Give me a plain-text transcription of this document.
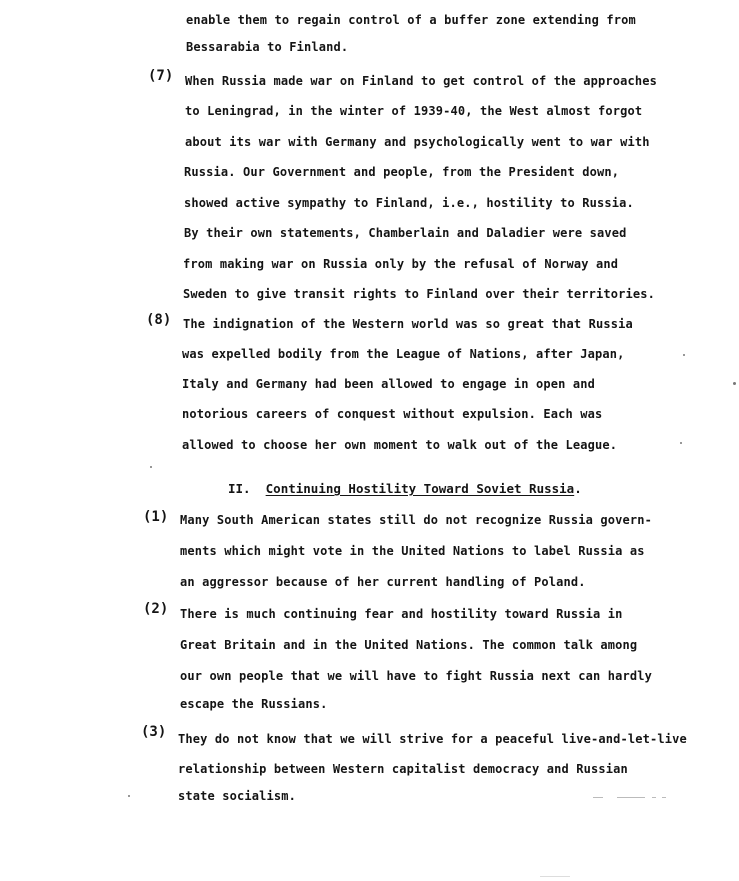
enable them to regain control of a buffer zone extending from
Bessarabia to Finland.
(7) When Russia made war on Finland to get control of the approaches
to Leningrad, in the winter of 1939-40, the West almost forgot
about its war with Germany and psychologically went to war with
Russia. Our Government and people, from the President down,
showed active sympathy to Finland, i.e., hostility to Russia.
By their own statements, Chamberlain and Daladier were saved
from making war on Russia only by the refusal of Norway and
Sweden to give transit rights to Finland over their territories.
(8) The indignation of the Western world was so great that Russia
was expelled bodily from the League of Nations, after Japan,
Italy and Germany had been allowed to engage in open and
notorious careers of conquest without expulsion. Each was
allowed to choose her own moment to walk out of the League.
II. Continuing Hostility Toward Soviet Russia.
(1) Many South American states still do not recognize Russia govern-
ments which might vote in the United Nations to label Russia as
an aggressor because of her current handling of Poland.
(2) There is much continuing fear and hostility toward Russia in
Great Britain and in the United Nations. The common talk among
our own people that we will have to fight Russia next can hardly
escape the Russians.
(3) They do not know that we will strive for a peaceful live-and-let-live
relationship between Western capitalist democracy and Russian
state socialism.
